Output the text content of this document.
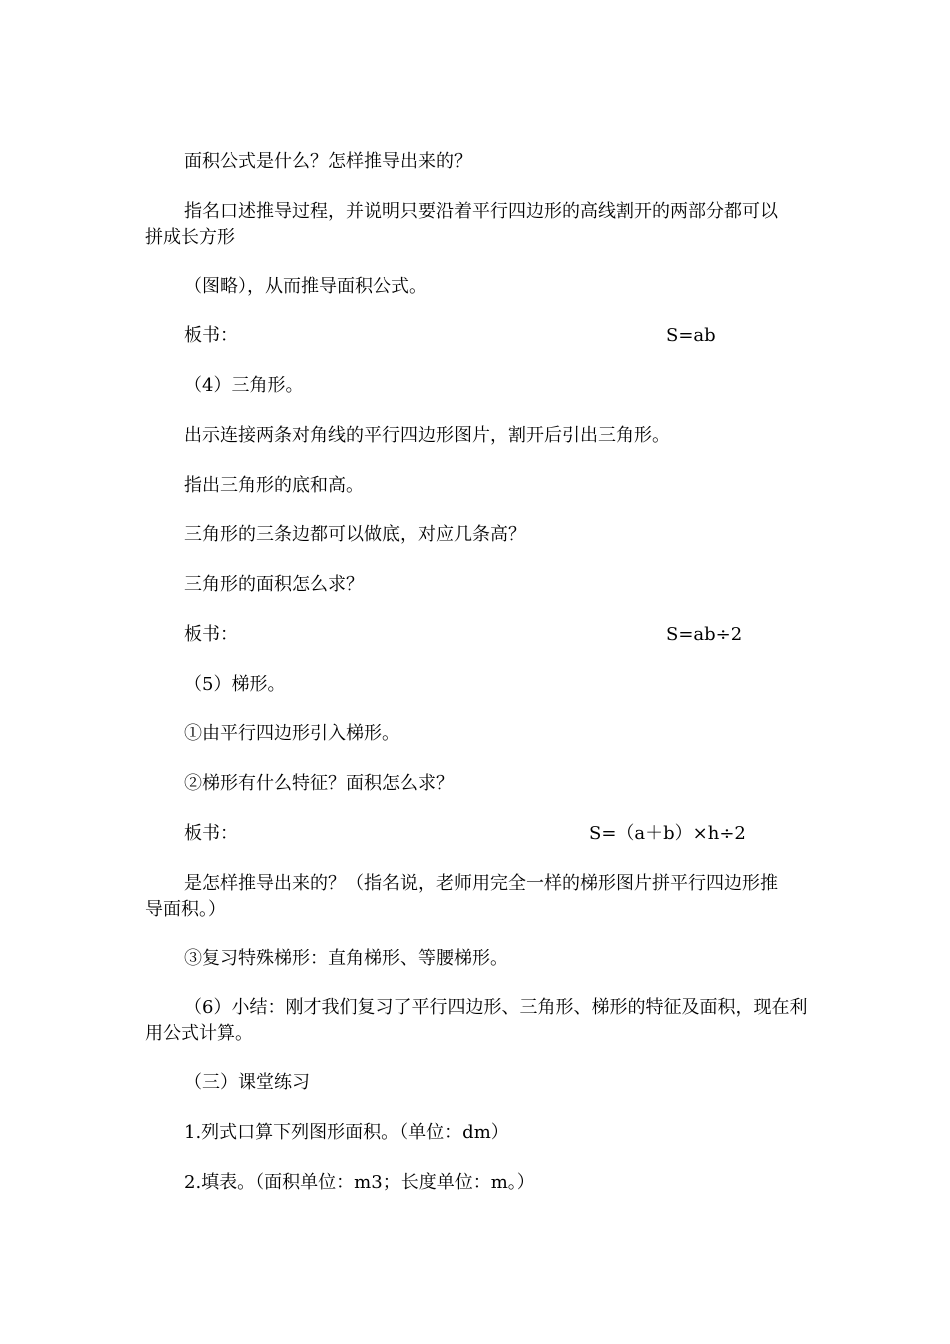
面积公式是什么？怎样推导出来的？
指名口述推导过程，并说明只要沿着平行四边形的高线割开的两部分都可以
拼成长方形
（图略），从而推导面积公式。
板书：	S=ab
（4）三角形。
出示连接两条对角线的平行四边形图片，割开后引出三角形。
指出三角形的底和高。
三角形的三条边都可以做底，对应几条高？
三角形的面积怎么求？
板书：	S=ab÷2
（5）梯形。
①由平行四边形引入梯形。
②梯形有什么特征？面积怎么求？
板书：	S=（a＋b）×h÷2
是怎样推导出来的？（指名说，老师用完全一样的梯形图片拼平行四边形推
导面积。）
③复习特殊梯形：直角梯形、等腰梯形。
（6）小结：刚才我们复习了平行四边形、三角形、梯形的特征及面积，现在利
用公式计算。
（三）课堂练习
1.列式口算下列图形面积。（单位：dm）
2.填表。（面积单位：m3；长度单位：m。）
